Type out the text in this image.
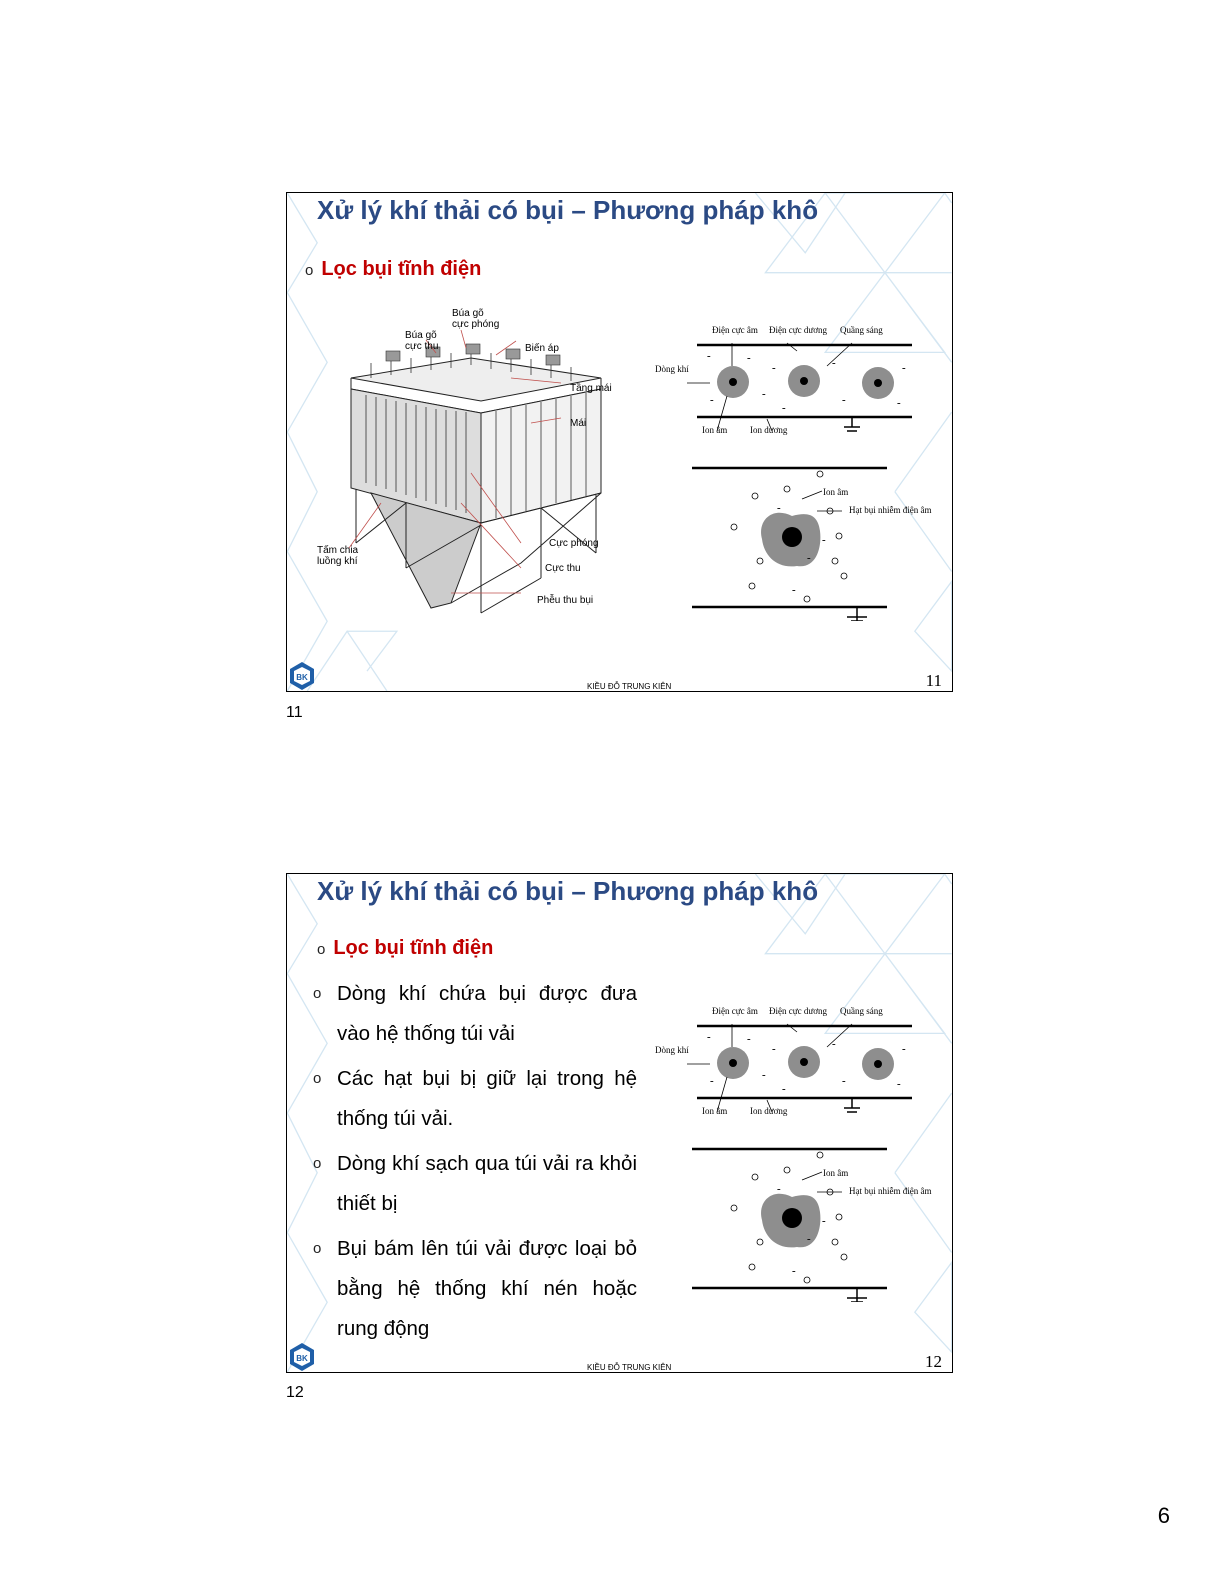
Xử lý khí thải có bụi – Phương pháp khô
o Lọc bụi tĩnh điện
Búa gõ
cực phóng
Búa gõ
cực thu	Biến áp
Tầng mái
Mái
Tấm chia
luồng khí
Cực phóng
Cực thu
Phễu thu bụi
-	-
-	-	-
-	-	-	-
-
-
-
-
-
Điện cực âm Điện cực dương Quầng sáng
Dòng khí
Ion âm	Ion dương
Ion âm
Hạt bụi nhiễm điện âm
BK
KIỀU ĐỖ TRUNG KIÊN	11
11
Xử lý khí thải có bụi – Phương pháp khô
o Lọc bụi tĩnh điện
o Dòng khí chứa bụi được đưa vào hệ thống túi vải
o Các hạt bụi bị giữ lại trong hệ thống túi vải.
o Dòng khí sạch qua túi vải ra khỏi thiết bị
o Bụi bám lên túi vải được loại bỏ bằng hệ thống khí nén hoặc rung động
-	-
-	-	-
-	-	-	-
-
-
-
-
-
Điện cực âm Điện cực dương Quầng sáng
Dòng khí
Ion âm	Ion dương
Ion âm
Hạt bụi nhiễm điện âm
BK
KIỀU ĐỖ TRUNG KIÊN	12
12
6
